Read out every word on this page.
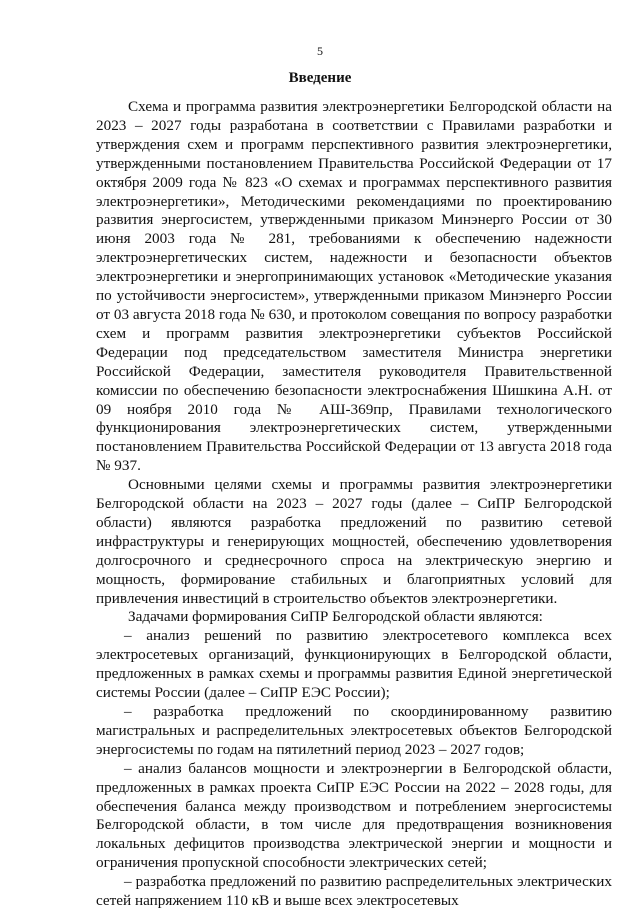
5
Введение

Схема и программа развития электроэнергетики Белгородской области на 2023 – 2027 годы разработана в соответствии с Правилами разработки и утверждения схем и программ перспективного развития электроэнергетики, утвержденными постановлением Правительства Российской Федерации от 17 октября 2009 года № 823 «О схемах и программах перспективного развития электроэнергетики», Методическими рекомендациями по проектированию развития энергосистем, утвержденными приказом Минэнерго России от 30 июня 2003 года № 281, требованиями к обеспечению надежности электроэнергетических систем, надежности и безопасности объектов электроэнергетики и энергопринимающих установок «Методические указания по устойчивости энергосистем», утвержденными приказом Минэнерго России от 03 августа 2018 года № 630, и протоколом совещания по вопросу разработки схем и программ развития электроэнергетики субъектов Российской Федерации под председательством заместителя Министра энергетики Российской Федерации, заместителя руководителя Правительственной комиссии по обеспечению безопасности электроснабжения Шишкина А.Н. от 09 ноября 2010 года № АШ-369пр, Правилами технологического функционирования электроэнергетических систем, утвержденными постановлением Правительства Российской Федерации от 13 августа 2018 года № 937.

Основными целями схемы и программы развития электроэнергетики Белгородской области на 2023 – 2027 годы (далее – СиПР Белгородской области) являются разработка предложений по развитию сетевой инфраструктуры и генерирующих мощностей, обеспечению удовлетворения долгосрочного и среднесрочного спроса на электрическую энергию и мощность, формирование стабильных и благоприятных условий для привлечения инвестиций в строительство объектов электроэнергетики.

Задачами формирования СиПР Белгородской области являются:

– анализ решений по развитию электросетевого комплекса всех электросетевых организаций, функционирующих в Белгородской области, предложенных в рамках схемы и программы развития Единой энергетической системы России (далее – СиПР ЕЭС России);

– разработка предложений по скоординированному развитию магистральных и распределительных электросетевых объектов Белгородской энергосистемы по годам на пятилетний период 2023 – 2027 годов;

– анализ балансов мощности и электроэнергии в Белгородской области, предложенных в рамках проекта СиПР ЕЭС России на 2022 – 2028 годы, для обеспечения баланса между производством и потреблением энергосистемы Белгородской области, в том числе для предотвращения возникновения локальных дефицитов производства электрической энергии и мощности и ограничения пропускной способности электрических сетей;

– разработка предложений по развитию распределительных электрических сетей напряжением 110 кВ и выше всех электросетевых
